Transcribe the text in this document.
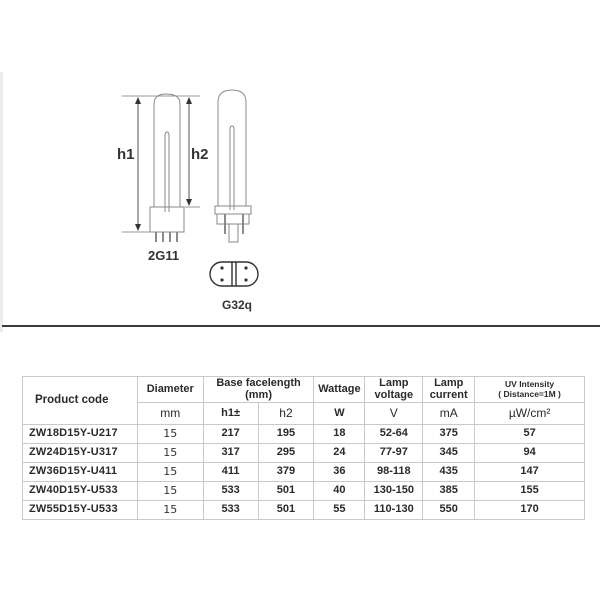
h1	h2
2G11
G32q
Product code	Diameter	Base facelength (mm)		Wattage	Lamp voltage	Lamp current	UV Intensity
( Distance=1M )

	mm	h1±	h2	W	V	mA	µW/cm²
ZW18D15Y-U217	15	217	195	18	52-64	375	57
ZW24D15Y-U317	15	317	295	24	77-97	345	94
ZW36D15Y-U411	15	411	379	36	98-118	435	147
ZW40D15Y-U533	15	533	501	40	130-150	385	155
ZW55D15Y-U533	15	533	501	55	110-130	550	170
